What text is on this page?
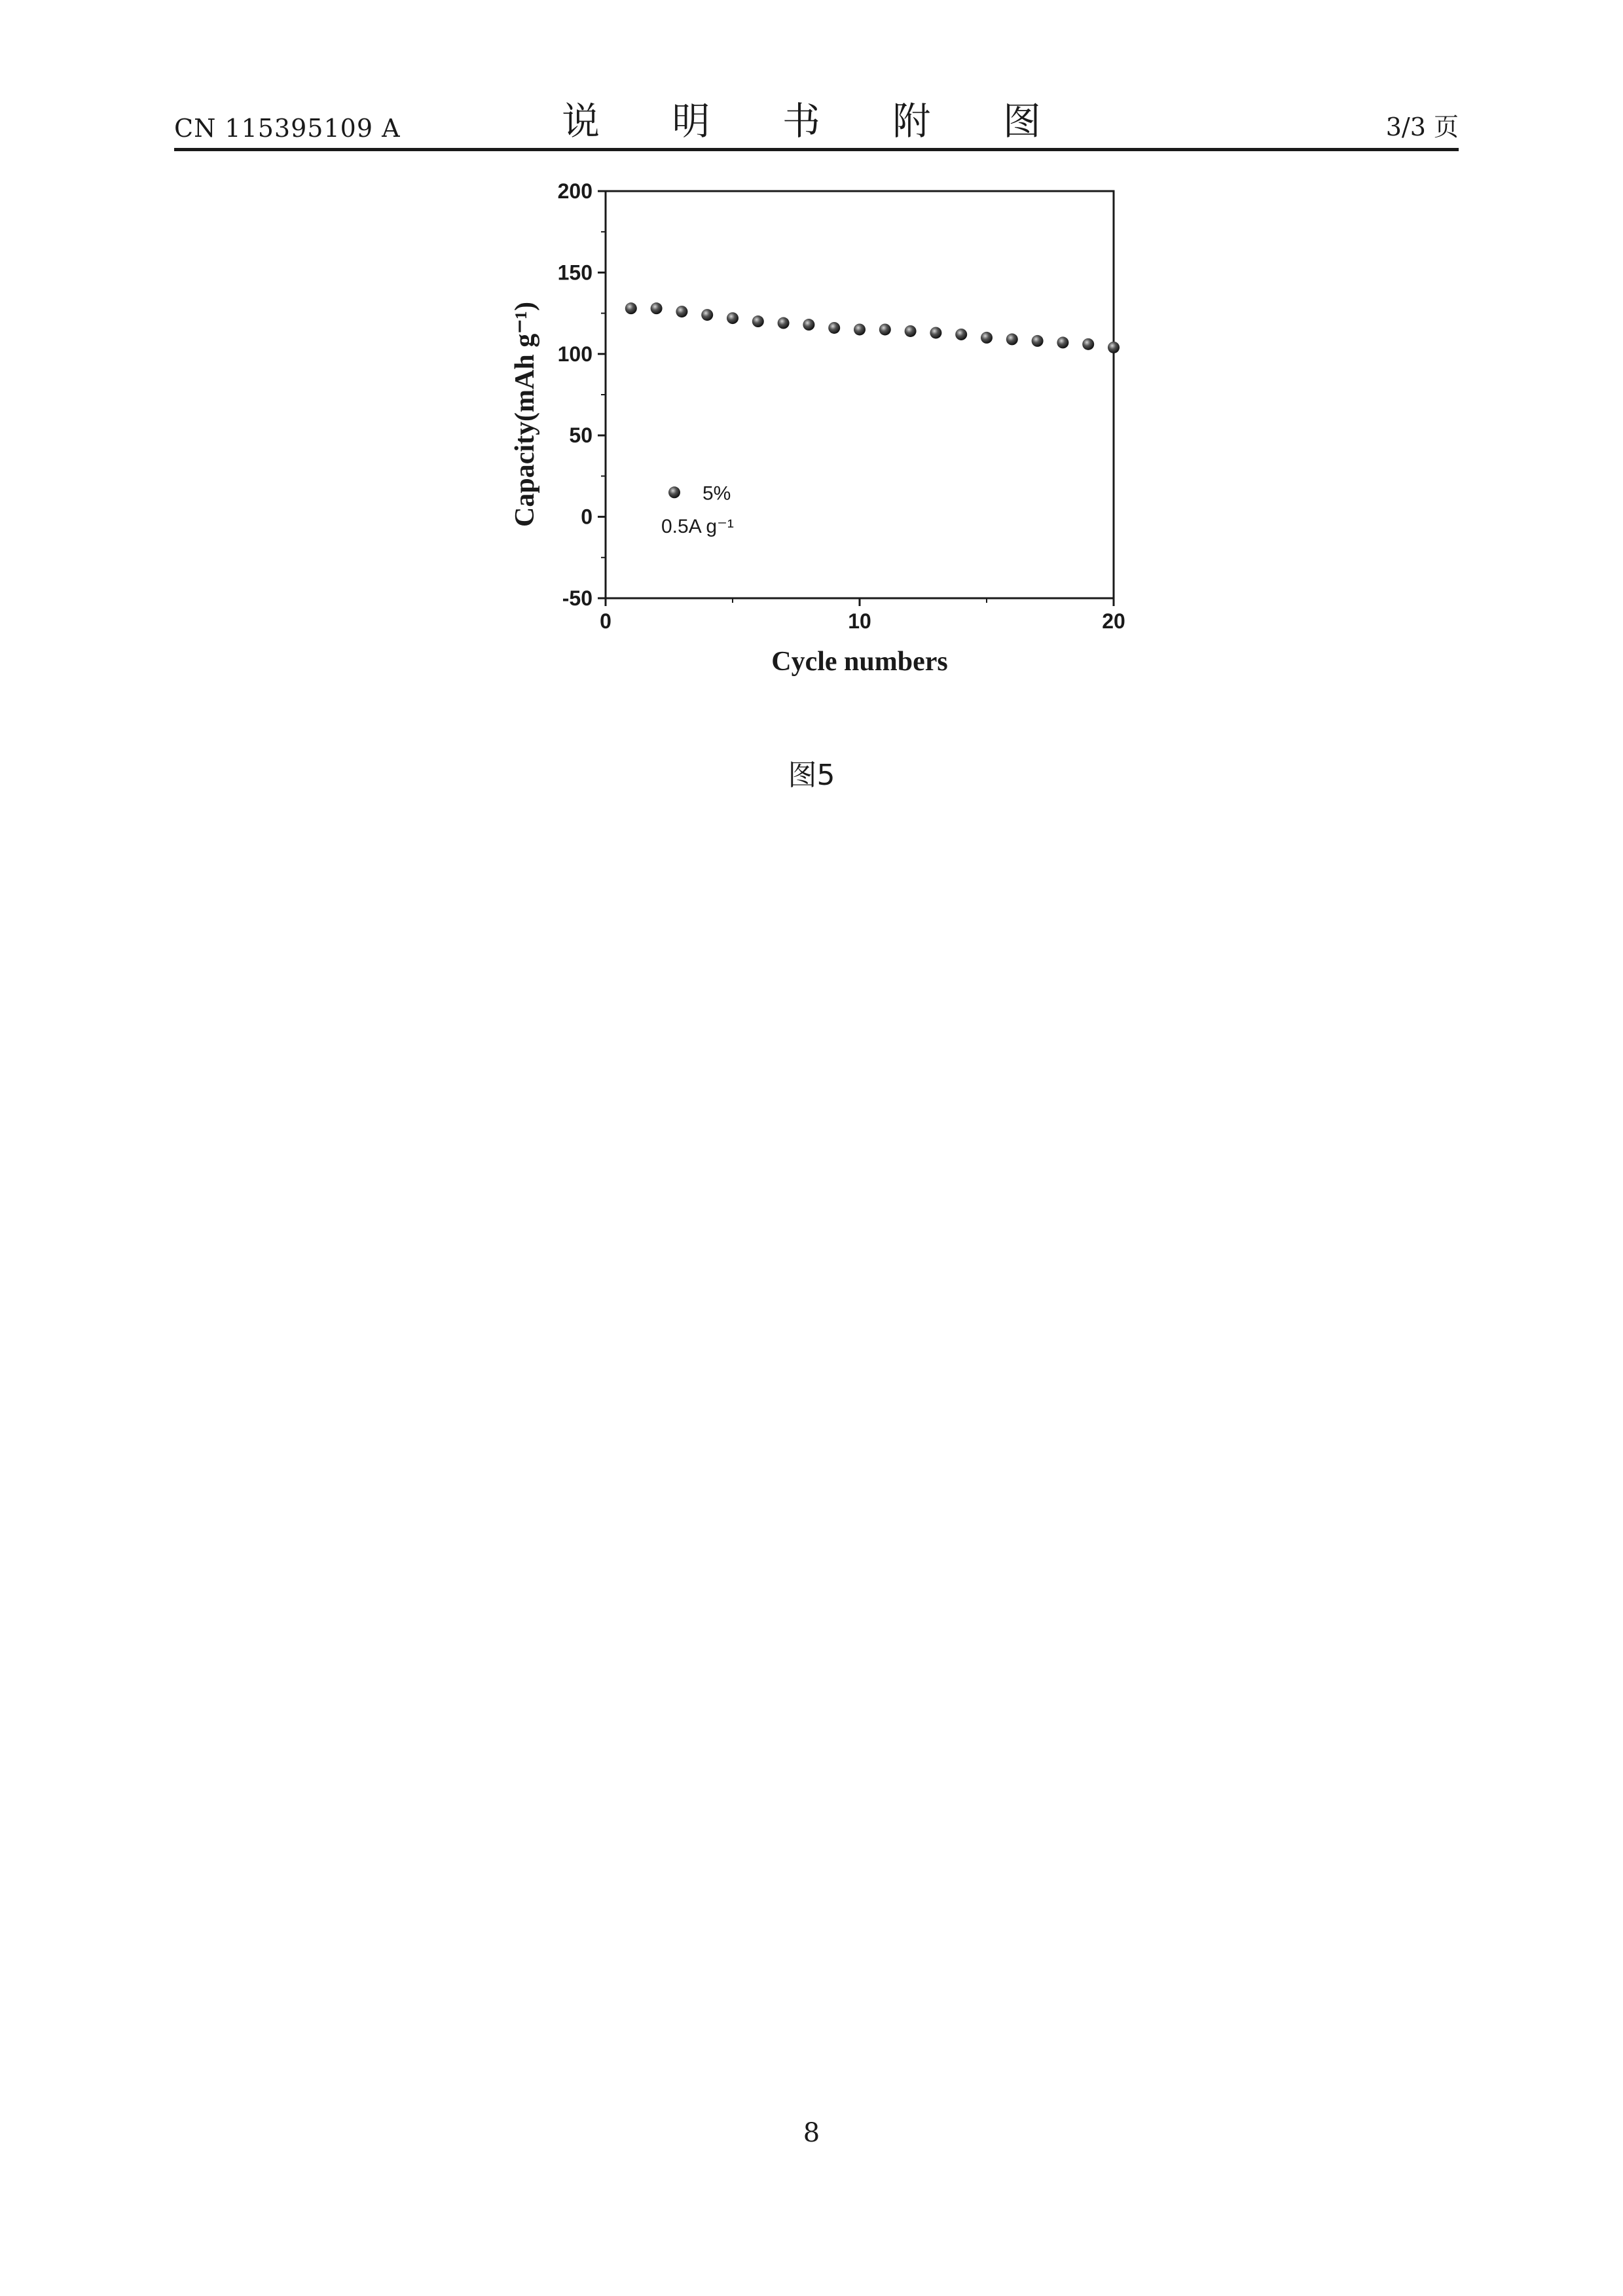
CN 115395109 A	说 明 书 附 图	3/3 页
-50
0
50
100
150
200
0	10	20
5%
0.5A g⁻¹
Cycle numbers
Capacity(mAh g⁻¹)
图5
8
